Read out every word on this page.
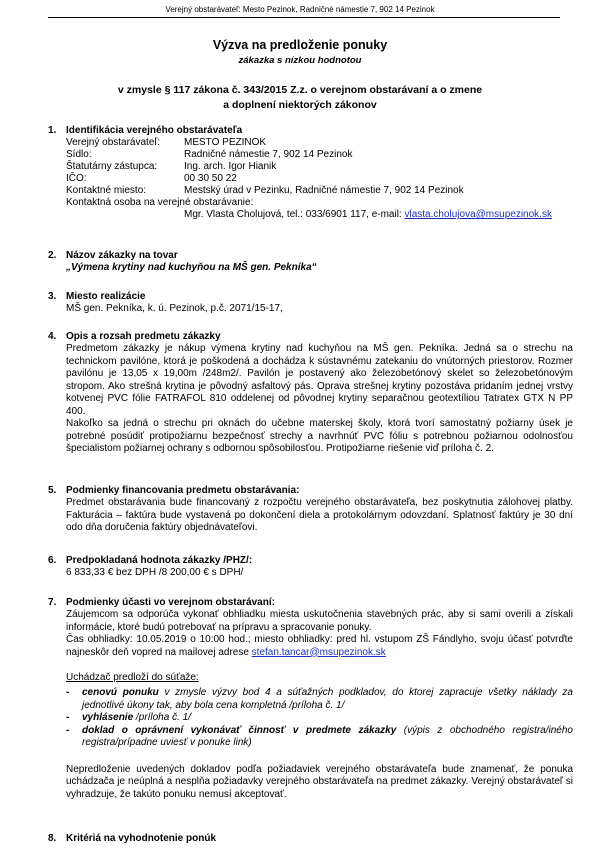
Verejný obstarávateľ: Mesto Pezinok, Radničné námestie 7, 902 14 Pezinok
Výzva na predloženie ponuky
zákazka s nízkou hodnotou
v zmysle § 117 zákona č. 343/2015 Z.z. o verejnom obstarávaní a o zmene
a doplnení niektorých zákonov
1. Identifikácia verejného obstarávateľa
Verejný obstarávateľ:	MESTO PEZINOK
Sídlo:	Radničné námestie 7, 902 14 Pezinok
Štatutárny zástupca:	Ing. arch. Igor Hianik
IČO:	00 30 50 22
Kontaktné miesto:	Mestský úrad v Pezinku, Radničné námestie 7, 902 14 Pezinok
Kontaktná osoba na verejné obstarávanie:
Mgr. Vlasta Cholujová, tel.: 033/6901 117, e-mail: vlasta.cholujova@msupezinok.sk
2. Názov zákazky na tovar
„Výmena krytiny nad kuchyňou na MŠ gen. Pekníka“
3. Miesto realizácie
MŠ gen. Pekníka, k. ú. Pezinok, p.č. 2071/15-17,
4. Opis a rozsah predmetu zákazky
Predmetom zákazky je nákup výmena krytiny nad kuchyňou na MŠ gen. Pekníka. Jedná sa o strechu na technickom pavilóne, ktorá je poškodená a dochádza k sústavnému zatekaniu do vnútorných priestorov. Rozmer pavilónu je 13,05 x 19,00m /248m2/. Pavilón je postavený ako železobetónový skelet so železobetónovým stropom. Ako strešná krytina je pôvodný asfaltový pás. Oprava strešnej krytiny pozostáva pridaním jednej vrstvy kotvenej PVC fólie FATRAFOL 810 oddelenej od pôvodnej krytiny separačnou geotextíliou Tatratex GTX N PP 400.
Nakoľko sa jedná o strechu pri oknách do učebne materskej školy, ktorá tvorí samostatný požiarny úsek je potrebné posúdiť protipožiarnu bezpečnosť strechy a navrhnúť PVC fóliu s potrebnou požiarnou odolnosťou špecialistom požiarnej ochrany s odbornou spôsobilosťou. Protipožiarne riešenie viď príloha č. 2.
5. Podmienky financovania predmetu obstarávania:
Predmet obstarávania bude financovaný z rozpočtu verejného obstarávateľa, bez poskytnutia zálohovej platby. Fakturácia – faktúra bude vystavená po dokončení diela a protokolárnym odovzdaní. Splatnosť faktúry je 30 dní odo dňa doručenia faktúry objednávateľovi.
6. Predpokladaná hodnota zákazky /PHZ/:
6 833,33 € bez DPH /8 200,00 € s DPH/
7. Podmienky účasti vo verejnom obstarávaní:
Záujemcom sa odporúča vykonať obhliadku miesta uskutočnenia stavebných prác, aby si sami overili a získali informácie, ktoré budú potrebovať na prípravu a spracovanie ponuky.
Čas obhliadky: 10.05.2019 o 10:00 hod.; miesto obhliadky: pred hl. vstupom ZŠ Fándlyho, svoju účasť potvrďte najneskôr deň vopred na mailovej adrese stefan.tancar@msupezinok.sk
Uchádzač predloží do súťaže:
- cenovú ponuku v zmysle výzvy bod 4 a súťažných podkladov, do ktorej zapracuje všetky náklady za jednotlivé úkony tak, aby bola cena kompletná /príloha č. 1/
- vyhlásenie /príloha č. 1/
- doklad o oprávnení vykonávať činnosť v predmete zákazky (výpis z obchodného registra/iného registra/prípadne uviesť v ponuke link)
Nepredloženie uvedených dokladov podľa požiadaviek verejného obstarávateľa bude znamenať, že ponuka uchádzača je neúplná a nesplňa požiadavky verejného obstarávateľa na predmet zákazky. Verejný obstarávateľ si vyhradzuje, že takúto ponuku nemusí akceptovať.
8. Kritériá na vyhodnotenie ponúk
